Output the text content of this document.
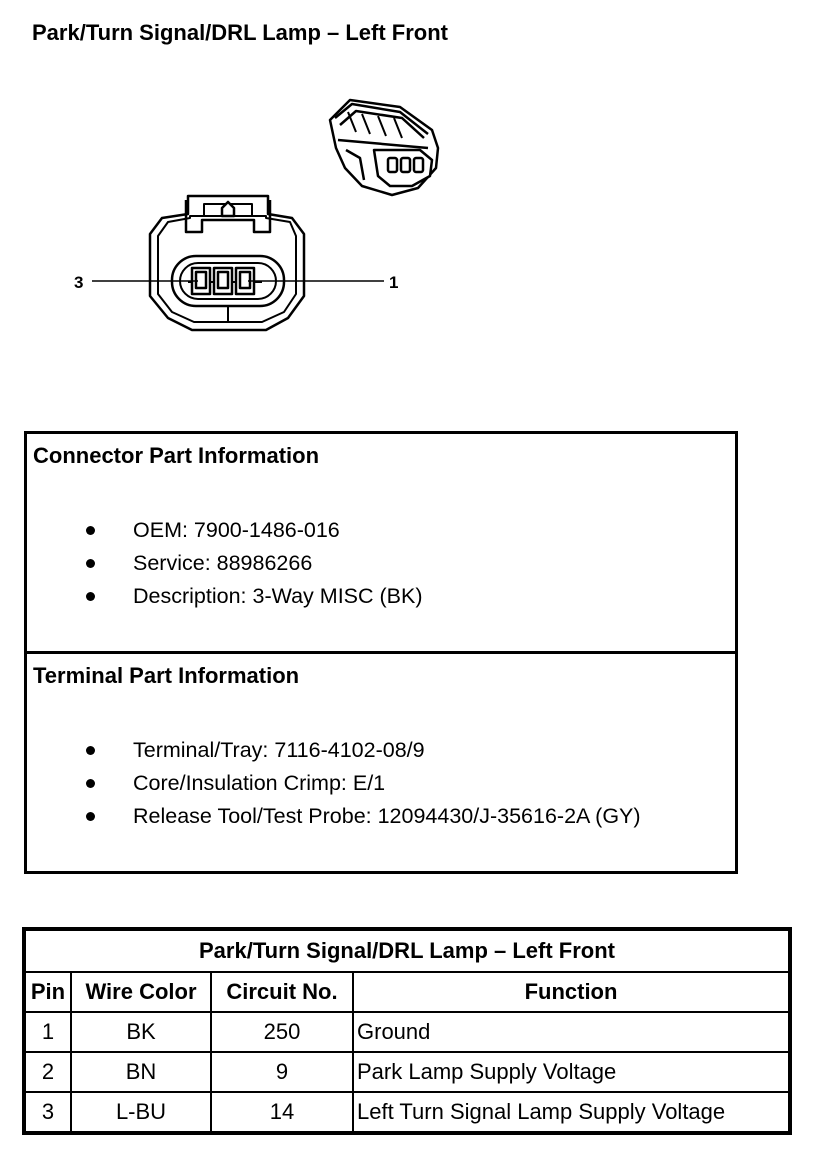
Park/Turn Signal/DRL Lamp – Left Front
3	1
Connector Part Information
OEM: 7900-1486-016
Service: 88986266
Description: 3-Way MISC (BK)
Terminal Part Information
Terminal/Tray: 7116-4102-08/9
Core/Insulation Crimp: E/1
Release Tool/Test Probe: 12094430/J-35616-2A (GY)
Park/Turn Signal/DRL Lamp – Left Front			
Pin	Wire Color	Circuit No.	Function
1	BK	250	Ground
2	BN	9	Park Lamp Supply Voltage
3	L-BU	14	Left Turn Signal Lamp Supply Voltage
